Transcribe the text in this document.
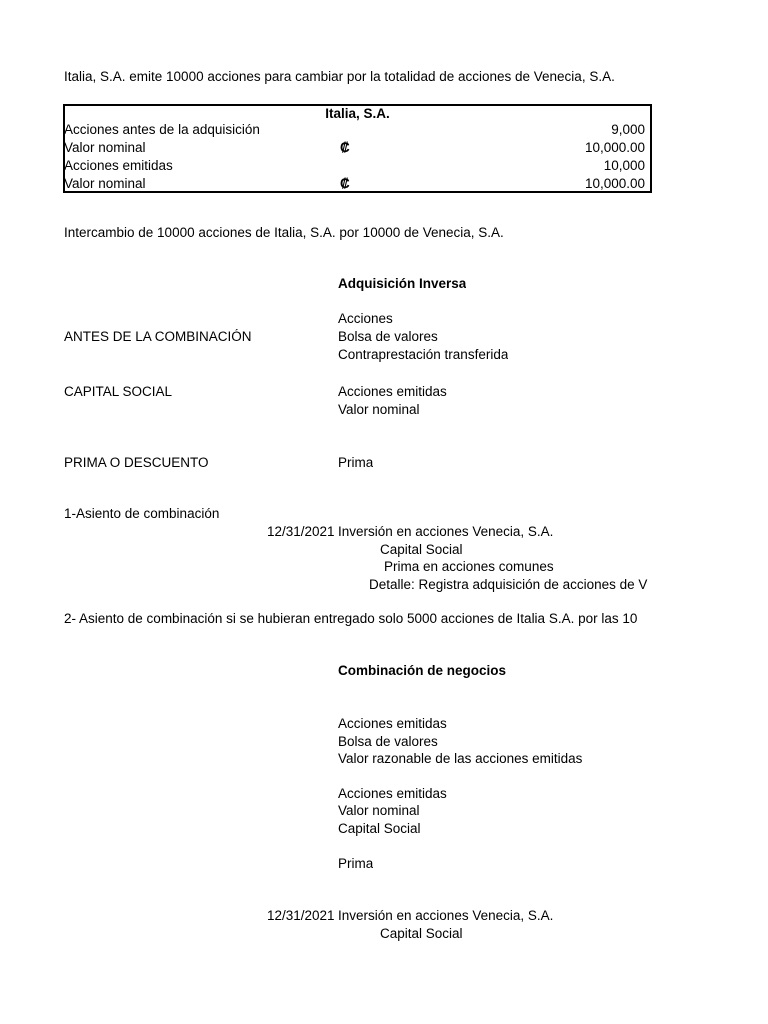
Italia, S.A. emite 10000 acciones para cambiar por la totalidad de acciones de Venecia, S.A.
Italia, S.A.
Acciones antes de la adquisición	9,000
Valor nominal	₡	10,000.00
Acciones emitidas	10,000
Valor nominal	₡	10,000.00
Intercambio de 10000 acciones de Italia, S.A. por 10000 de Venecia, S.A.
Adquisición Inversa
ANTES DE LA COMBINACIÓN
Acciones
Bolsa de valores
Contraprestación transferida
CAPITAL SOCIAL	Acciones emitidas
Valor nominal
PRIMA O DESCUENTO	Prima
1-Asiento de combinación
12/31/2021 Inversión en acciones Venecia, S.A.
Capital Social
Prima en acciones comunes
Detalle: Registra adquisición de acciones de V
2- Asiento de combinación si se hubieran entregado solo 5000 acciones de Italia S.A. por las 10
Combinación de negocios
Acciones emitidas
Bolsa de valores
Valor razonable de las acciones emitidas
Acciones emitidas
Valor nominal
Capital Social
Prima
12/31/2021 Inversión en acciones Venecia, S.A.
Capital Social
